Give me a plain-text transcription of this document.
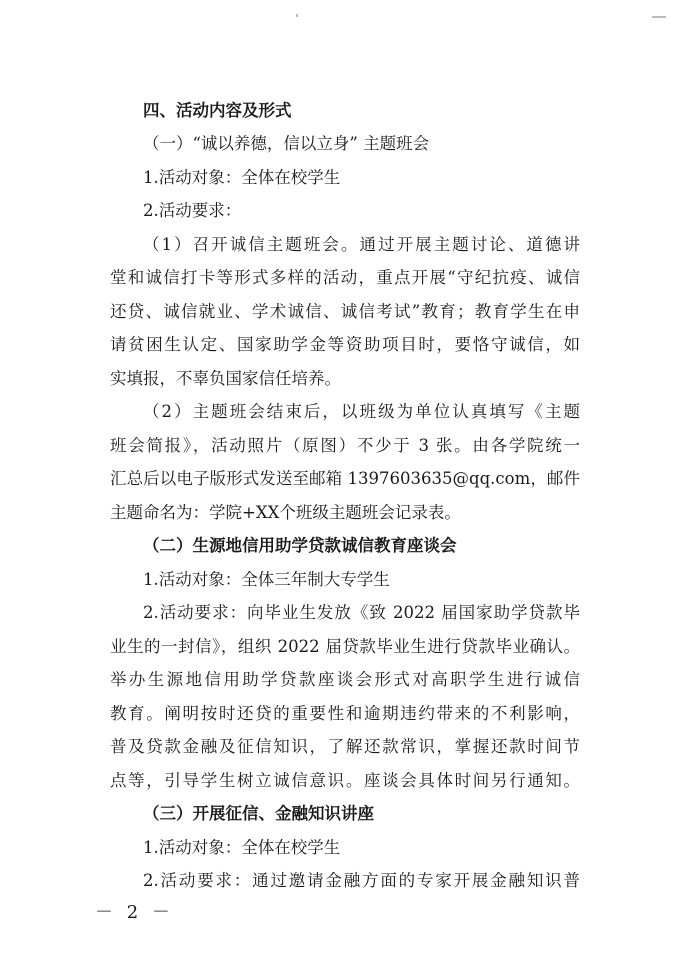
四、活动内容及形式
（一）“诚以养德，信以立身” 主题班会
1.活动对象：全体在校学生
2.活动要求：
（1）召开诚信主题班会。通过开展主题讨论、道德讲
堂和诚信打卡等形式多样的活动，重点开展“守纪抗疫、诚信
还贷、诚信就业、学术诚信、诚信考试”教育；教育学生在申
请贫困生认定、国家助学金等资助项目时，要恪守诚信，如
实填报，不辜负国家信任培养。
（2）主题班会结束后，以班级为单位认真填写《主题
班会简报》，活动照片（原图）不少于 3 张。由各学院统一
汇总后以电子版形式发送至邮箱 1397603635@qq.com，邮件
主题命名为：学院+XX个班级主题班会记录表。
（二）生源地信用助学贷款诚信教育座谈会
1.活动对象：全体三年制大专学生
2.活动要求：向毕业生发放《致 2022 届国家助学贷款毕
业生的一封信》，组织 2022 届贷款毕业生进行贷款毕业确认。
举办生源地信用助学贷款座谈会形式对高职学生进行诚信
教育。阐明按时还贷的重要性和逾期违约带来的不利影响，
普及贷款金融及征信知识，了解还款常识，掌握还款时间节
点等，引导学生树立诚信意识。座谈会具体时间另行通知。
（三）开展征信、金融知识讲座
1.活动对象：全体在校学生
2.活动要求：通过邀请金融方面的专家开展金融知识普
－ 2 －
